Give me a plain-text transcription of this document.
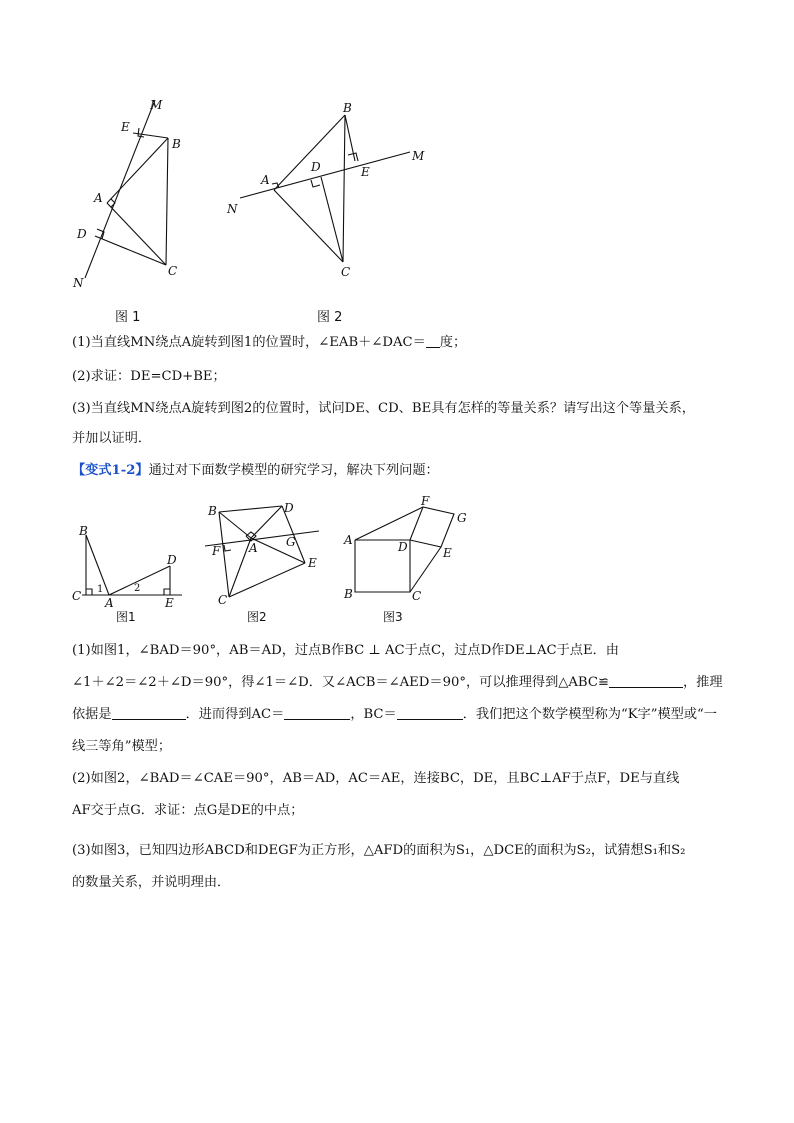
M
E
B
A
D
C
N
图 1
B
D
A
E
M
N
C
图 2
(1)当直线MN绕点A旋转到图1的位置时，∠EAB＋∠DAC＝ 度；
(2)求证：DE=CD+BE；
(3)当直线MN绕点A旋转到图2的位置时，试问DE、CD、BE具有怎样的等量关系？请写出这个等量关系，
并加以证明．
【变式1-2】通过对下面数学模型的研究学习，解决下列问题：
B
D
C A	E
1	2
图1
B	D
F A G
E
C
图2
F
G
A	D	E
B	C
图3
(1)如图1，∠BAD＝90°，AB＝AD，过点B作BC ⊥ AC于点C，过点D作DE⊥AC于点E．由
∠1＋∠2＝∠2＋∠D＝90°，得∠1＝∠D．又∠ACB＝∠AED＝90°，可以推理得到△ABC≌	，推理
依据是	．进而得到AC＝	，BC＝	．我们把这个数学模型称为“K字”模型或“一
线三等角”模型；
(2)如图2，∠BAD＝∠CAE＝90°，AB＝AD，AC＝AE，连接BC，DE，且BC⊥AF于点F，DE与直线
AF交于点G．求证：点G是DE的中点；
(3)如图3，已知四边形ABCD和DEGF为正方形，△AFD的面积为S₁，△DCE的面积为S₂，试猜想S₁和S₂
的数量关系，并说明理由．
